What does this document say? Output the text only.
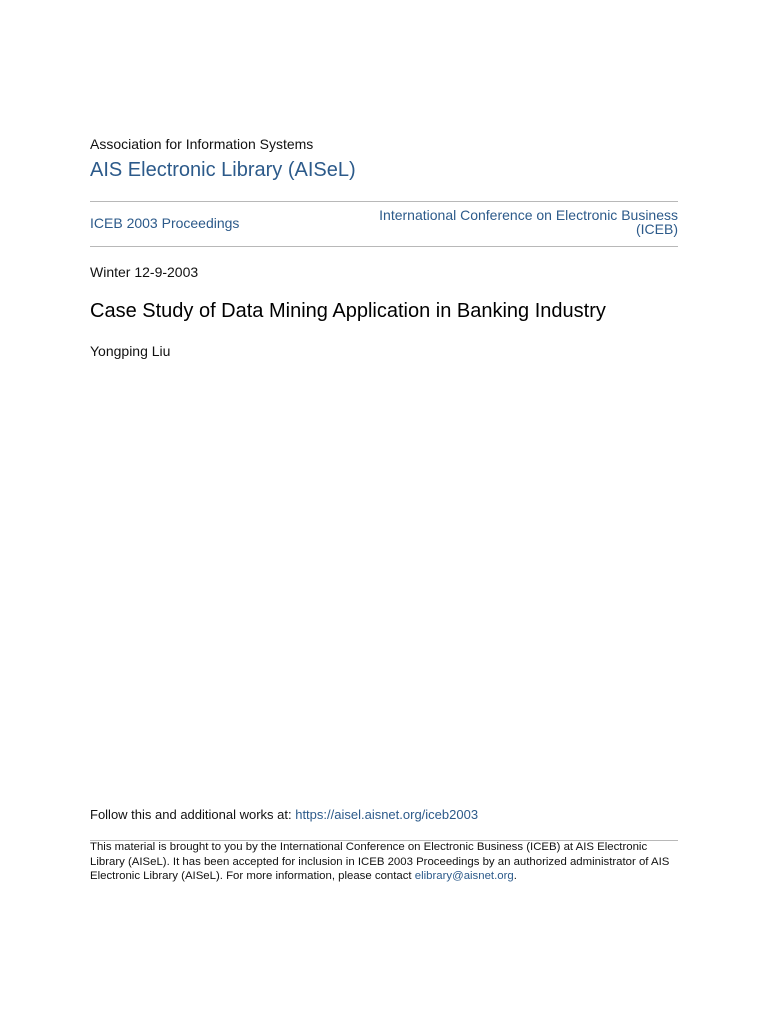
Association for Information Systems
AIS Electronic Library (AISeL)
ICEB 2003 Proceedings	International Conference on Electronic Business
(ICEB)
Winter 12-9-2003
Case Study of Data Mining Application in Banking Industry
Yongping Liu
Follow this and additional works at: https://aisel.aisnet.org/iceb2003
This material is brought to you by the International Conference on Electronic Business (ICEB) at AIS Electronic
Library (AISeL). It has been accepted for inclusion in ICEB 2003 Proceedings by an authorized administrator of AIS
Electronic Library (AISeL). For more information, please contact elibrary@aisnet.org.
